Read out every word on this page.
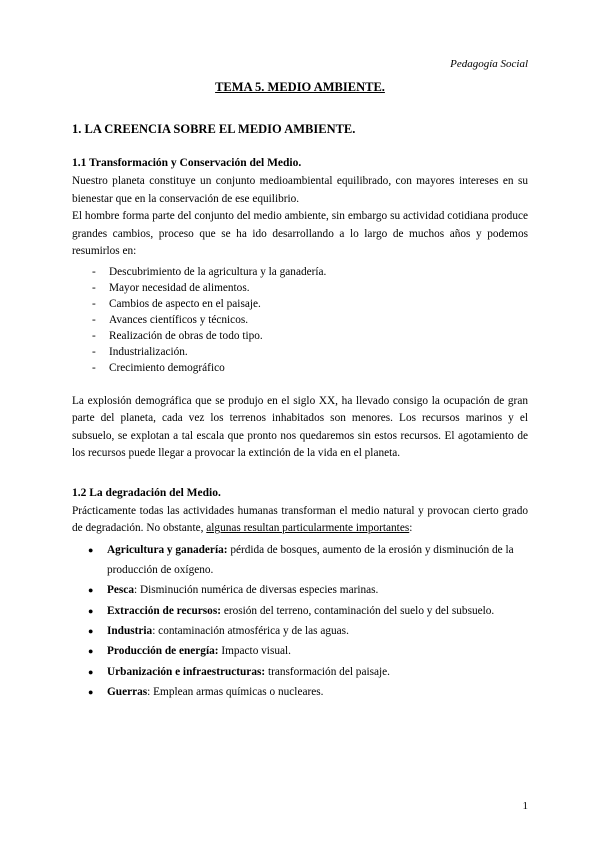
Pedagogía Social
TEMA 5. MEDIO AMBIENTE.
1. LA CREENCIA SOBRE EL MEDIO AMBIENTE.
1.1 Transformación y Conservación del Medio.

Nuestro planeta constituye un conjunto medioambiental equilibrado, con mayores intereses en su bienestar que en la conservación de ese equilibrio.

El hombre forma parte del conjunto del medio ambiente, sin embargo su actividad cotidiana produce grandes cambios, proceso que se ha ido desarrollando a lo largo de muchos años y podemos resumirlos en:

- Descubrimiento de la agricultura y la ganadería.
- Mayor necesidad de alimentos.
- Cambios de aspecto en el paisaje.
- Avances científicos y técnicos.
- Realización de obras de todo tipo.
- Industrialización.
- Crecimiento demográfico

La explosión demográfica que se produjo en el siglo XX, ha llevado consigo la ocupación de gran parte del planeta, cada vez los terrenos inhabitados son menores. Los recursos marinos y el subsuelo, se explotan a tal escala que pronto nos quedaremos sin estos recursos. El agotamiento de los recursos puede llegar a provocar la extinción de la vida en el planeta.

1.2 La degradación del Medio.

Prácticamente todas las actividades humanas transforman el medio natural y provocan cierto grado de degradación. No obstante, algunas resultan particularmente importantes:

● Agricultura y ganadería: pérdida de bosques, aumento de la erosión y disminución de la producción de oxígeno.
● Pesca: Disminución numérica de diversas especies marinas.
● Extracción de recursos: erosión del terreno, contaminación del suelo y del subsuelo.
● Industria: contaminación atmosférica y de las aguas.
● Producción de energía: Impacto visual.
● Urbanización e infraestructuras: transformación del paisaje.
● Guerras: Emplean armas químicas o nucleares.
1
